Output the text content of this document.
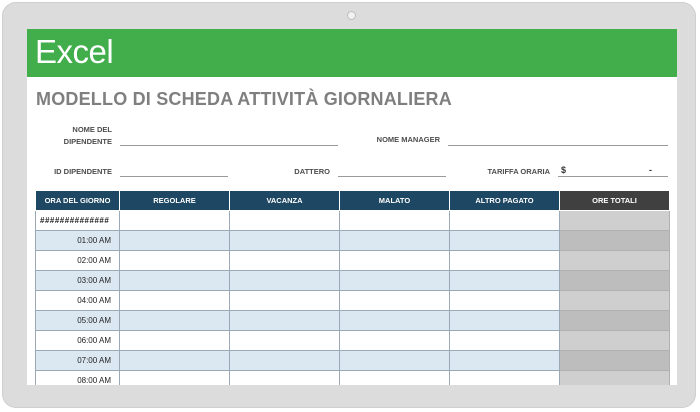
Excel
MODELLO DI SCHEDA ATTIVITÀ GIORNALIERA
NOME DEL
DIPENDENTE	NOME MANAGER
ID DIPENDENTE	DATTERO	TARIFFA ORARIA $	-
ORA DEL GIORNO	REGOLARE	VACANZA	MALATO	ALTRO PAGATO	ORE TOTALI
##############					
01:00 AM					
02:00 AM					
03:00 AM					
04:00 AM					
05:00 AM					
06:00 AM					
07:00 AM					
08:00 AM					
